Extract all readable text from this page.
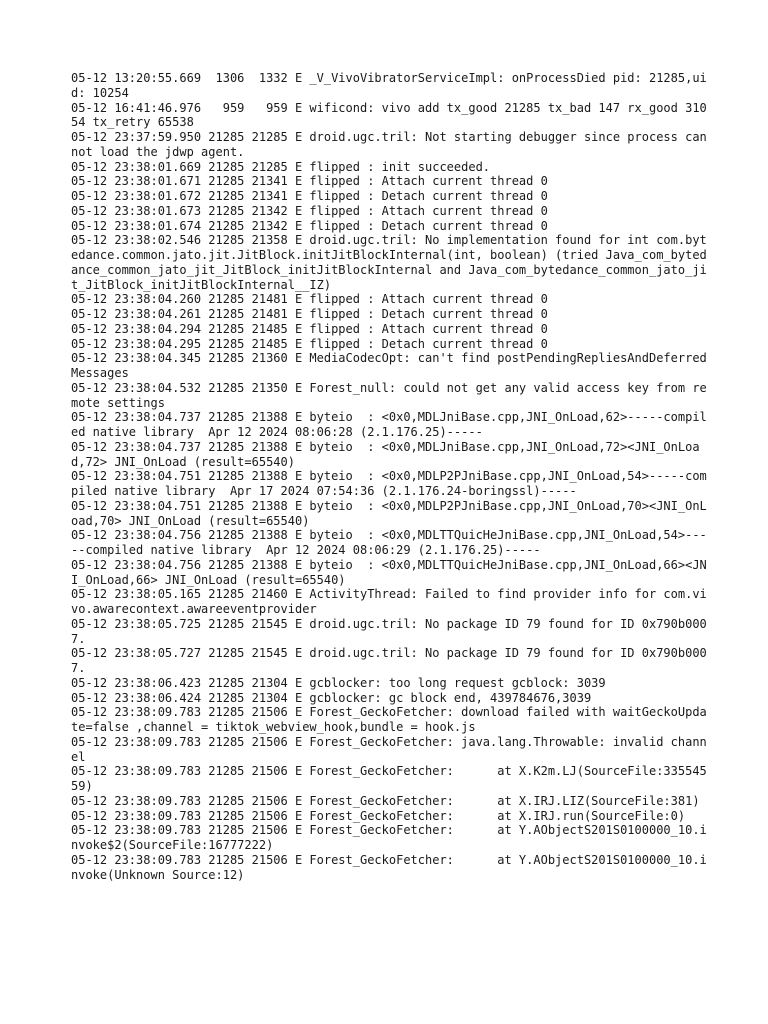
05-12 13:20:55.669  1306  1332 E _V_VivoVibratorServiceImpl: onProcessDied pid: 21285,uid: 10254
05-12 16:41:46.976   959   959 E wificond: vivo add tx_good 21285 tx_bad 147 rx_good 31054 tx_retry 65538
05-12 23:37:59.950 21285 21285 E droid.ugc.tril: Not starting debugger since process cannot load the jdwp agent.
05-12 23:38:01.669 21285 21285 E flipped : init succeeded.
05-12 23:38:01.671 21285 21341 E flipped : Attach current thread 0
05-12 23:38:01.672 21285 21341 E flipped : Detach current thread 0
05-12 23:38:01.673 21285 21342 E flipped : Attach current thread 0
05-12 23:38:01.674 21285 21342 E flipped : Detach current thread 0
05-12 23:38:02.546 21285 21358 E droid.ugc.tril: No implementation found for int com.bytedance.common.jato.jit.JitBlock.initJitBlockInternal(int, boolean) (tried Java_com_bytedance_common_jato_jit_JitBlock_initJitBlockInternal and Java_com_bytedance_common_jato_jit_JitBlock_initJitBlockInternal__IZ)
05-12 23:38:04.260 21285 21481 E flipped : Attach current thread 0
05-12 23:38:04.261 21285 21481 E flipped : Detach current thread 0
05-12 23:38:04.294 21285 21485 E flipped : Attach current thread 0
05-12 23:38:04.295 21285 21485 E flipped : Detach current thread 0
05-12 23:38:04.345 21285 21360 E MediaCodecOpt: can't find postPendingRepliesAndDeferredMessages
05-12 23:38:04.532 21285 21350 E Forest_null: could not get any valid access key from remote settings
05-12 23:38:04.737 21285 21388 E byteio  : <0x0,MDLJniBase.cpp,JNI_OnLoad,62>-----compiled native library  Apr 12 2024 08:06:28 (2.1.176.25)-----
05-12 23:38:04.737 21285 21388 E byteio  : <0x0,MDLJniBase.cpp,JNI_OnLoad,72><JNI_OnLoad,72> JNI_OnLoad (result=65540)
05-12 23:38:04.751 21285 21388 E byteio  : <0x0,MDLP2PJniBase.cpp,JNI_OnLoad,54>-----compiled native library  Apr 17 2024 07:54:36 (2.1.176.24-boringssl)-----
05-12 23:38:04.751 21285 21388 E byteio  : <0x0,MDLP2PJniBase.cpp,JNI_OnLoad,70><JNI_OnLoad,70> JNI_OnLoad (result=65540)
05-12 23:38:04.756 21285 21388 E byteio  : <0x0,MDLTTQuicHeJniBase.cpp,JNI_OnLoad,54>-----compiled native library  Apr 12 2024 08:06:29 (2.1.176.25)-----
05-12 23:38:04.756 21285 21388 E byteio  : <0x0,MDLTTQuicHeJniBase.cpp,JNI_OnLoad,66><JNI_OnLoad,66> JNI_OnLoad (result=65540)
05-12 23:38:05.165 21285 21460 E ActivityThread: Failed to find provider info for com.vivo.awarecontext.awareeventprovider
05-12 23:38:05.725 21285 21545 E droid.ugc.tril: No package ID 79 found for ID 0x790b0007.
05-12 23:38:05.727 21285 21545 E droid.ugc.tril: No package ID 79 found for ID 0x790b0007.
05-12 23:38:06.423 21285 21304 E gcblocker: too long request gcblock: 3039
05-12 23:38:06.424 21285 21304 E gcblocker: gc block end, 439784676,3039
05-12 23:38:09.783 21285 21506 E Forest_GeckoFetcher: download failed with waitGeckoUpdate=false ,channel = tiktok_webview_hook,bundle = hook.js
05-12 23:38:09.783 21285 21506 E Forest_GeckoFetcher: java.lang.Throwable: invalid channel
05-12 23:38:09.783 21285 21506 E Forest_GeckoFetcher:      at X.K2m.LJ(SourceFile:33554559)
05-12 23:38:09.783 21285 21506 E Forest_GeckoFetcher:      at X.IRJ.LIZ(SourceFile:381)
05-12 23:38:09.783 21285 21506 E Forest_GeckoFetcher:      at X.IRJ.run(SourceFile:0)
05-12 23:38:09.783 21285 21506 E Forest_GeckoFetcher:      at Y.AObjectS201S0100000_10.invoke$2(SourceFile:16777222)
05-12 23:38:09.783 21285 21506 E Forest_GeckoFetcher:      at Y.AObjectS201S0100000_10.invoke(Unknown Source:12)
